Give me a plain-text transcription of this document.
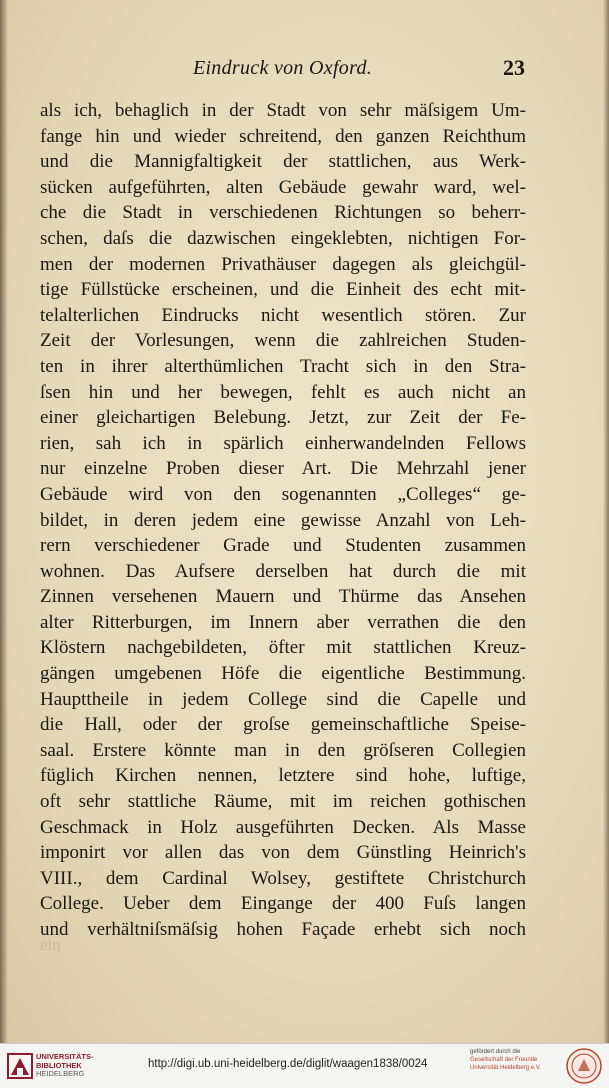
Eindruck von Oxford.	23
als ich, behaglich in der Stadt von sehr mäſsigem Um-
fange hin und wieder schreitend, den ganzen Reichthum
und die Mannigfaltigkeit der stattlichen, aus Werk-
sücken aufgeführten, alten Gebäude gewahr ward, wel-
che die Stadt in verschiedenen Richtungen so beherr-
schen, daſs die dazwischen eingeklebten, nichtigen For-
men der modernen Privathäuser dagegen als gleichgül-
tige Füllstücke erscheinen, und die Einheit des echt mit-
telalterlichen Eindrucks nicht wesentlich stören. Zur
Zeit der Vorlesungen, wenn die zahlreichen Studen-
ten in ihrer alterthümlichen Tracht sich in den Stra-
ſsen hin und her bewegen, fehlt es auch nicht an
einer gleichartigen Belebung. Jetzt, zur Zeit der Fe-
rien, sah ich in spärlich einherwandelnden Fellows
nur einzelne Proben dieser Art. Die Mehrzahl jener
Gebäude wird von den sogenannten „Colleges“ ge-
bildet, in deren jedem eine gewisse Anzahl von Leh-
rern verschiedener Grade und Studenten zusammen
wohnen. Das Aufsere derselben hat durch die mit
Zinnen versehenen Mauern und Thürme das Ansehen
alter Ritterburgen, im Innern aber verrathen die den
Klöstern nachgebildeten, öfter mit stattlichen Kreuz-
gängen umgebenen Höfe die eigentliche Bestimmung.
Haupttheile in jedem College sind die Capelle und
die Hall, oder der groſse gemeinschaftliche Speise-
saal. Erstere könnte man in den gröſseren Collegien
füglich Kirchen nennen, letztere sind hohe, luftige,
oft sehr stattliche Räume, mit im reichen gothischen
Geschmack in Holz ausgeführten Decken. Als Masse
imponirt vor allen das von dem Günstling Heinrich's
VIII., dem Cardinal Wolsey, gestiftete Christchurch
College. Ueber dem Eingange der 400 Fuſs langen
und verhältniſsmäſsig hohen Façade erhebt sich noch
ein
UNIVERSITÄTS-
BIBLIOTHEK
HEIDELBERG
http://digi.ub.uni-heidelberg.de/diglit/waagen1838/0024
gefördert durch die
Gesellschaft der Freunde
Universität Heidelberg e.V.
